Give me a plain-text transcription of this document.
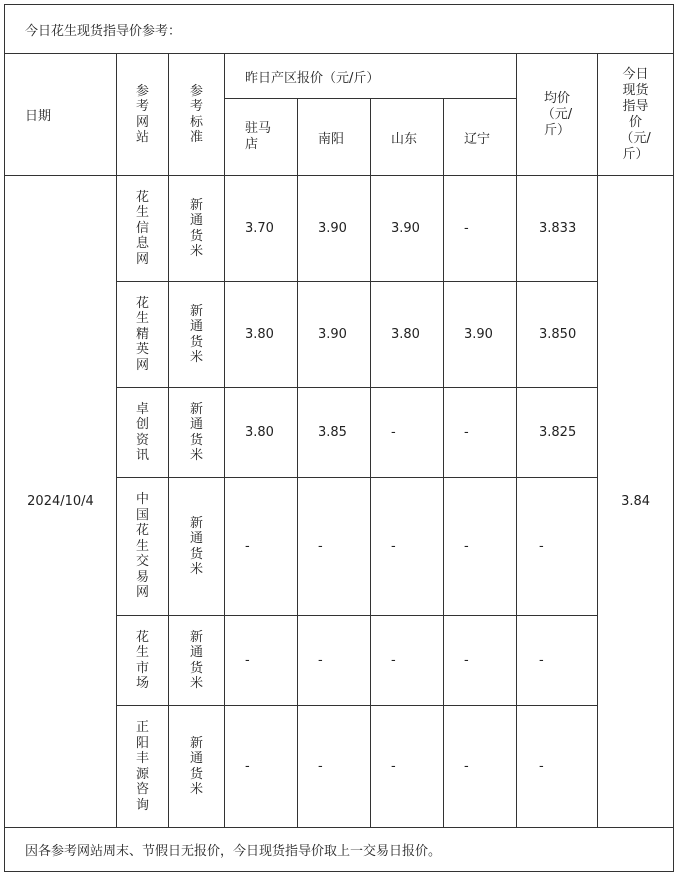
今日花生现货指导价参考：								
日期	参考网站	参考标准	昨日产区报价（元/斤）				均价（元/斤）	今日现货指导价（元/斤）
			驻马店	南阳	山东	辽宁		
2024/10/4	花生信息网	新通货米	3.70	3.90	3.90	-	3.833	3.84
	花生精英网	新通货米	3.80	3.90	3.80	3.90	3.850	
	卓创资讯	新通货米	3.80	3.85	-	-	3.825	
	中国花生交易网	新通货米	-	-	-	-	-	
	花生市场	新通货米	-	-	-	-	-	
	正阳丰源咨询	新通货米	-	-	-	-	-	
因各参考网站周末、节假日无报价，今日现货指导价取上一交易日报价。								
